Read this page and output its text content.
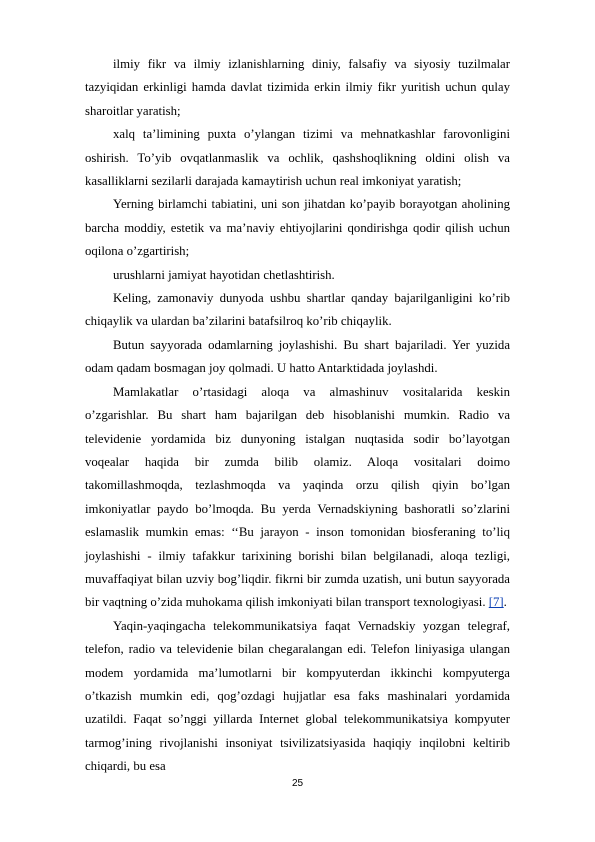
ilmiy fikr va ilmiy izlanishlarning diniy, falsafiy va siyosiy tuzilmalar tazyiqidan erkinligi hamda davlat tizimida erkin ilmiy fikr yuritish uchun qulay sharoitlar yaratish;

xalq ta’limining puxta o’ylangan tizimi va mehnatkashlar farovonligini oshirish. To’yib ovqatlanmaslik va ochlik, qashshoqlikning oldini olish va kasalliklarni sezilarli darajada kamaytirish uchun real imkoniyat yaratish;

Yerning birlamchi tabiatini, uni son jihatdan ko’payib borayotgan aholining barcha moddiy, estetik va ma’naviy ehtiyojlarini qondirishga qodir qilish uchun oqilona o’zgartirish;

urushlarni jamiyat hayotidan chetlashtirish.

Keling, zamonaviy dunyoda ushbu shartlar qanday bajarilganligini ko’rib chiqaylik va ulardan ba’zilarini batafsilroq ko’rib chiqaylik.

Butun sayyorada odamlarning joylashishi. Bu shart bajariladi. Yer yuzida odam qadam bosmagan joy qolmadi. U hatto Antarktidada joylashdi.

Mamlakatlar o’rtasidagi aloqa va almashinuv vositalarida keskin o’zgarishlar. Bu shart ham bajarilgan deb hisoblanishi mumkin. Radio va televidenie yordamida biz dunyoning istalgan nuqtasida sodir bo’layotgan voqealar haqida bir zumda bilib olamiz. Aloqa vositalari doimo takomillashmoqda, tezlashmoqda va yaqinda orzu qilish qiyin bo’lgan imkoniyatlar paydo bo’lmoqda. Bu yerda Vernadskiyning bashoratli so’zlarini eslamaslik mumkin emas: ‘‘Bu jarayon - inson tomonidan biosferaning to’liq joylashishi - ilmiy tafakkur tarixining borishi bilan belgilanadi, aloqa tezligi, muvaffaqiyat bilan uzviy bog’liqdir. fikrni bir zumda uzatish, uni butun sayyorada bir vaqtning o’zida muhokama qilish imkoniyati bilan transport texnologiyasi. [7].

Yaqin-yaqingacha telekommunikatsiya faqat Vernadskiy yozgan telegraf, telefon, radio va televidenie bilan chegaralangan edi. Telefon liniyasiga ulangan modem yordamida ma’lumotlarni bir kompyuterdan ikkinchi kompyuterga o’tkazish mumkin edi, qog’ozdagi hujjatlar esa faks mashinalari yordamida uzatildi. Faqat so’nggi yillarda Internet global telekommunikatsiya kompyuter tarmog’ining rivojlanishi insoniyat tsivilizatsiyasida haqiqiy inqilobni keltirib chiqardi, bu esa

25
